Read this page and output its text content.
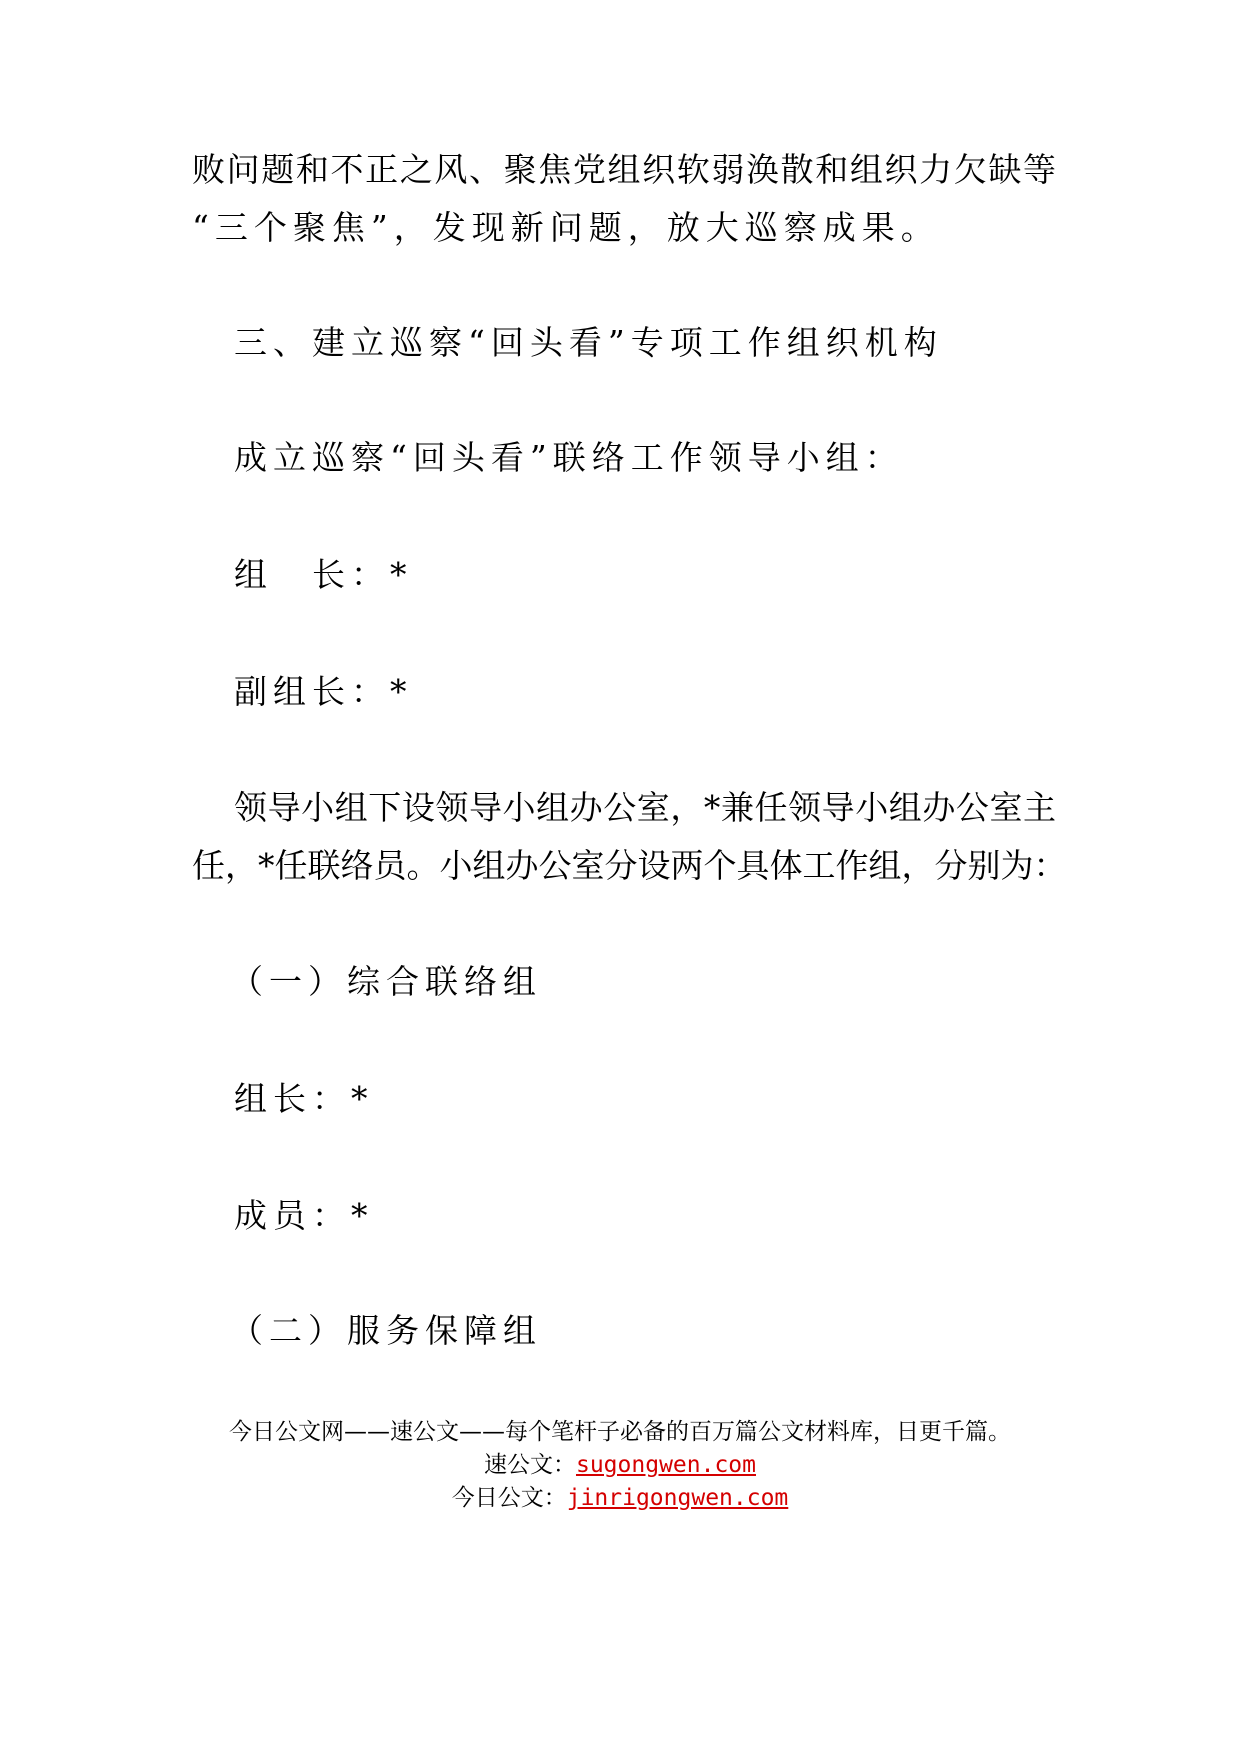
败问题和不正之风、聚焦党组织软弱涣散和组织力欠缺等
“三个聚焦”，发现新问题，放大巡察成果。
三、建立巡察“回头看”专项工作组织机构
成立巡察“回头看”联络工作领导小组：
组　长：*
副组长：*
领导小组下设领导小组办公室，*兼任领导小组办公室主
任，*任联络员。小组办公室分设两个具体工作组，分别为：
（一）综合联络组
组长：*
成员：*
（二）服务保障组
今日公文网——速公文——每个笔杆子必备的百万篇公文材料库，日更千篇。
速公文：sugongwen.com
今日公文：jinrigongwen.com
